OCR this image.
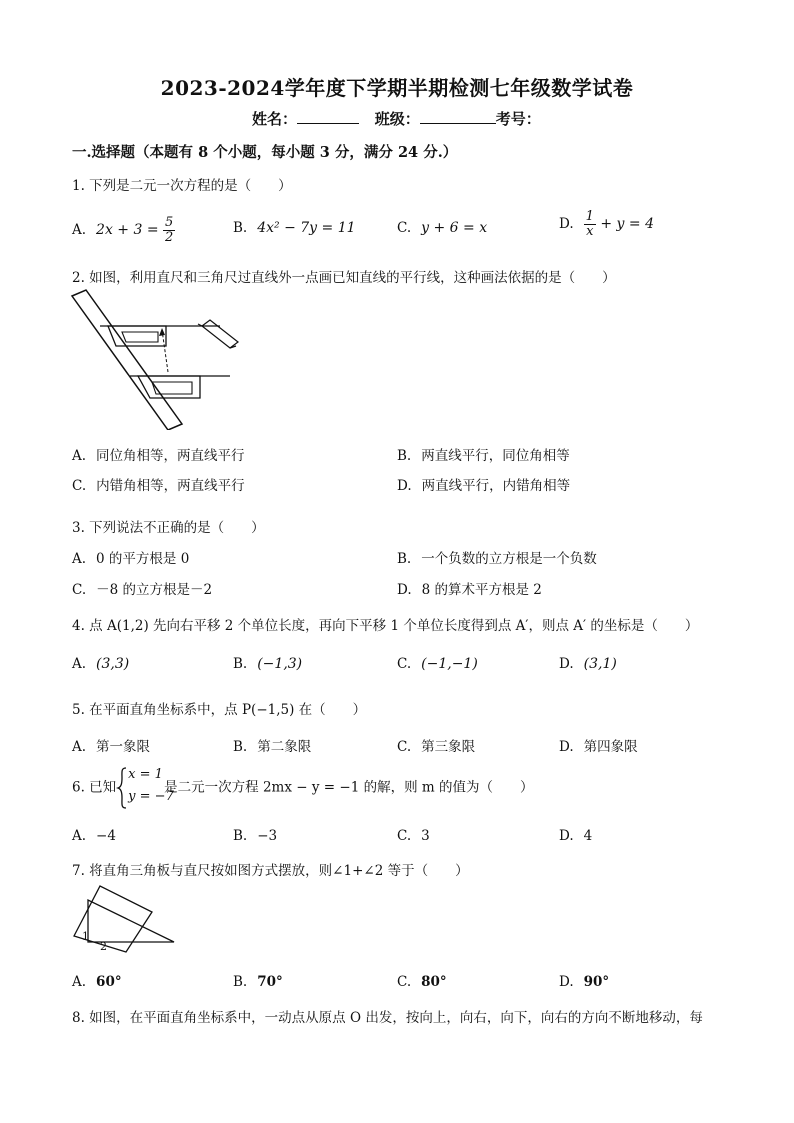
2023-2024学年度下学期半期检测七年级数学试卷
姓名：	班级：	考号：
一.选择题（本题有 8 个小题，每小题 3 分，满分 24 分.）
1. 下列是二元一次方程的是（　　）
A. $2x + 3 = \frac{5}{2}$	B. 4x² − 7y = 11	C. y + 6 = x	D. $\frac{1}{x} + y = 4$
2. 如图，利用直尺和三角尺过直线外一点画已知直线的平行线，这种画法依据的是（　　）
A. 同位角相等，两直线平行	B. 两直线平行，同位角相等
C. 内错角相等，两直线平行	D. 两直线平行，内错角相等
3. 下列说法不正确的是（　　）
A. 0 的平方根是 0	B. 一个负数的立方根是一个负数
C. －8 的立方根是－2	D. 8 的算术平方根是 2
4. 点 A(1,2) 先向右平移 2 个单位长度，再向下平移 1 个单位长度得到点 A′，则点 A′ 的坐标是（　　）
A. (3,3)	B. (−1,3)	C. (−1,−1)	D. (3,1)
5. 在平面直角坐标系中，点 P(−1,5) 在（　　）
A. 第一象限	B. 第二象限	C. 第三象限	D. 第四象限
6. 已知
x = 1
y = −7
是二元一次方程 2mx − y = −1 的解，则 m 的值为（　　）
A. −4	B. −3	C. 3	D. 4
7. 将直角三角板与直尺按如图方式摆放，则∠1+∠2 等于（　　）
1
2
A. 60°	B. 70°	C. 80°	D. 90°
8. 如图，在平面直角坐标系中，一动点从原点 O 出发，按向上，向右，向下，向右的方向不断地移动，每
